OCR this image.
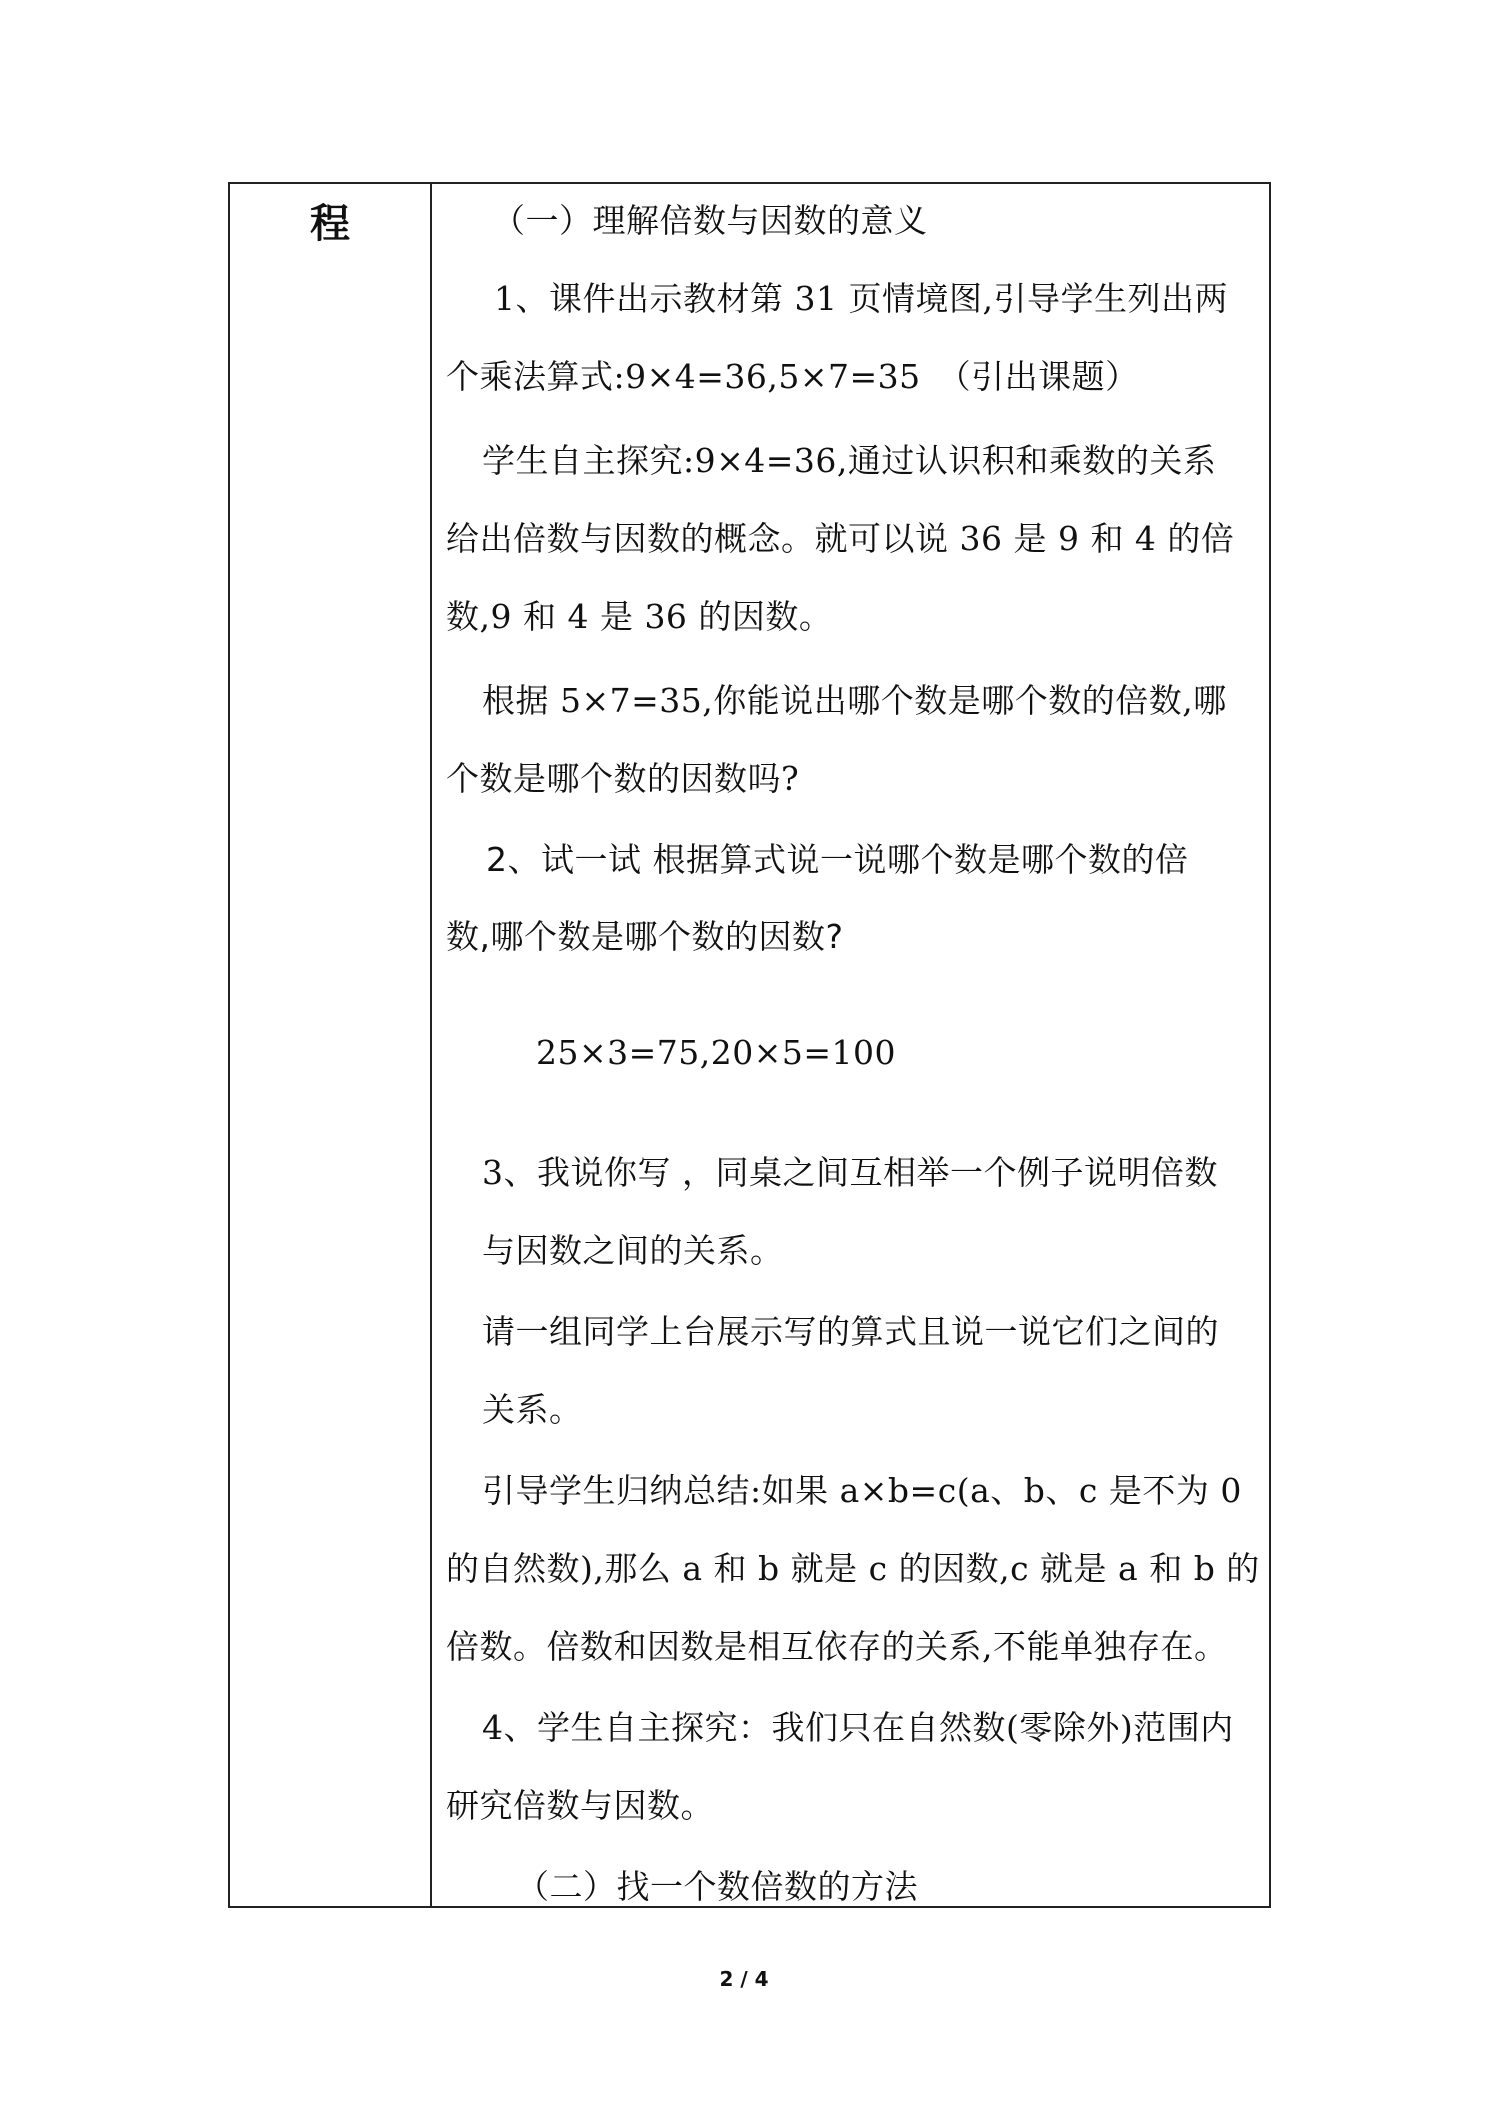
程	（一）理解倍数与因数的意义
1、课件出示教材第 31 页情境图,引导学生列出两
个乘法算式:9×4=36,5×7=35　（引出课题）
学生自主探究:9×4=36,通过认识积和乘数的关系
给出倍数与因数的概念。就可以说 36 是 9 和 4 的倍
数,9 和 4 是 36 的因数。
根据 5×7=35,你能说出哪个数是哪个数的倍数,哪
个数是哪个数的因数吗?
2、试一试 根据算式说一说哪个数是哪个数的倍
数,哪个数是哪个数的因数?
25×3=75,20×5=100
3、我说你写 ，同桌之间互相举一个例子说明倍数
与因数之间的关系。
请一组同学上台展示写的算式且说一说它们之间的
关系。
引导学生归纳总结:如果 a×b=c(a、b、c 是不为 0
的自然数),那么 a 和 b 就是 c 的因数,c 就是 a 和 b 的
倍数。倍数和因数是相互依存的关系,不能单独存在。
4、学生自主探究：我们只在自然数(零除外)范围内
研究倍数与因数。
（二）找一个数倍数的方法
2 / 4
